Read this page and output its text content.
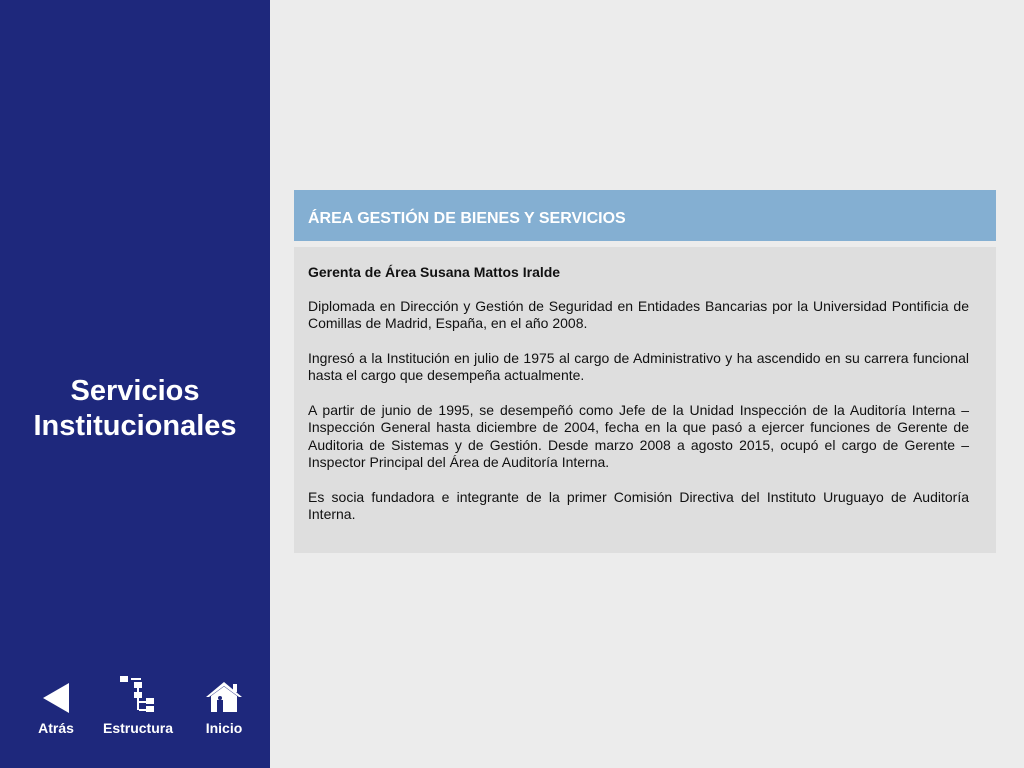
Servicios
Institucionales
Atrás Estructura Inicio
ÁREA GESTIÓN DE BIENES Y SERVICIOS

Gerenta de Área Susana Mattos Iralde

Diplomada en Dirección y Gestión de Seguridad en Entidades Bancarias por la Universidad Pontificia de Comillas de Madrid, España, en el año 2008.

Ingresó a la Institución en julio de 1975 al cargo de Administrativo y ha ascendido en su carrera funcional hasta el cargo que desempeña actualmente.

A partir de junio de 1995, se desempeñó como Jefe de la Unidad Inspección de la Auditoría Interna – Inspección General hasta diciembre de 2004, fecha en la que pasó a ejercer funciones de Gerente de Auditoria de Sistemas y de Gestión. Desde marzo 2008 a agosto 2015, ocupó el cargo de Gerente – Inspector Principal del Área de Auditoría Interna.

Es socia fundadora e integrante de la primer Comisión Directiva del Instituto Uruguayo de Auditoría Interna.
